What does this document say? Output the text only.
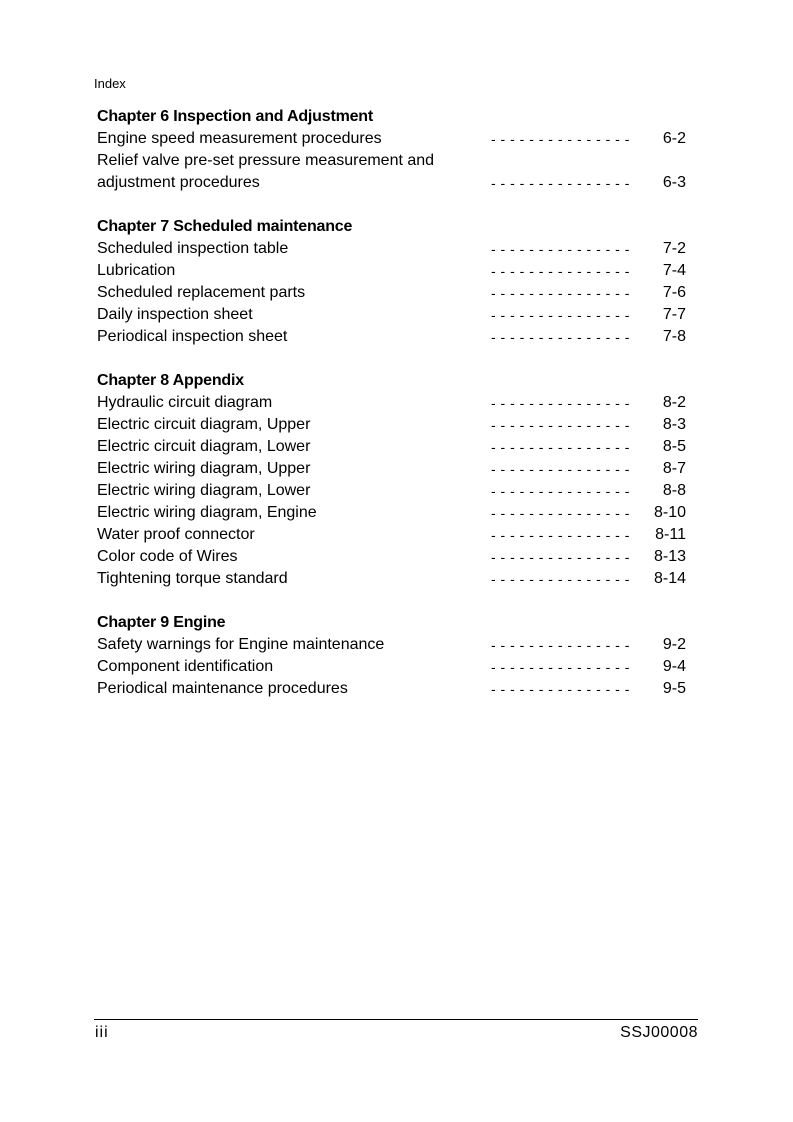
Index
Chapter 6 Inspection and Adjustment
Engine speed measurement procedures	- - - - - - - - - - - - - - -	6-2
Relief valve pre-set pressure measurement and adjustment procedures	- - - - - - - - - - - - - - -	6-3
Chapter 7 Scheduled maintenance
Scheduled inspection table	- - - - - - - - - - - - - - -	7-2
Lubrication	- - - - - - - - - - - - - - -	7-4
Scheduled replacement parts	- - - - - - - - - - - - - - -	7-6
Daily inspection sheet	- - - - - - - - - - - - - - -	7-7
Periodical inspection sheet	- - - - - - - - - - - - - - -	7-8
Chapter 8 Appendix
Hydraulic circuit diagram	- - - - - - - - - - - - - - -	8-2
Electric circuit diagram, Upper	- - - - - - - - - - - - - - -	8-3
Electric circuit diagram, Lower	- - - - - - - - - - - - - - -	8-5
Electric wiring diagram, Upper	- - - - - - - - - - - - - - -	8-7
Electric wiring diagram, Lower	- - - - - - - - - - - - - - -	8-8
Electric wiring diagram, Engine	- - - - - - - - - - - - - - -	8-10
Water proof connector	- - - - - - - - - - - - - - -	8-11
Color code of Wires	- - - - - - - - - - - - - - -	8-13
Tightening torque standard	- - - - - - - - - - - - - - -	8-14
Chapter 9 Engine
Safety warnings for Engine maintenance	- - - - - - - - - - - - - - -	9-2
Component identification	- - - - - - - - - - - - - - -	9-4
Periodical maintenance procedures	- - - - - - - - - - - - - - -	9-5
iii	SSJ00008
